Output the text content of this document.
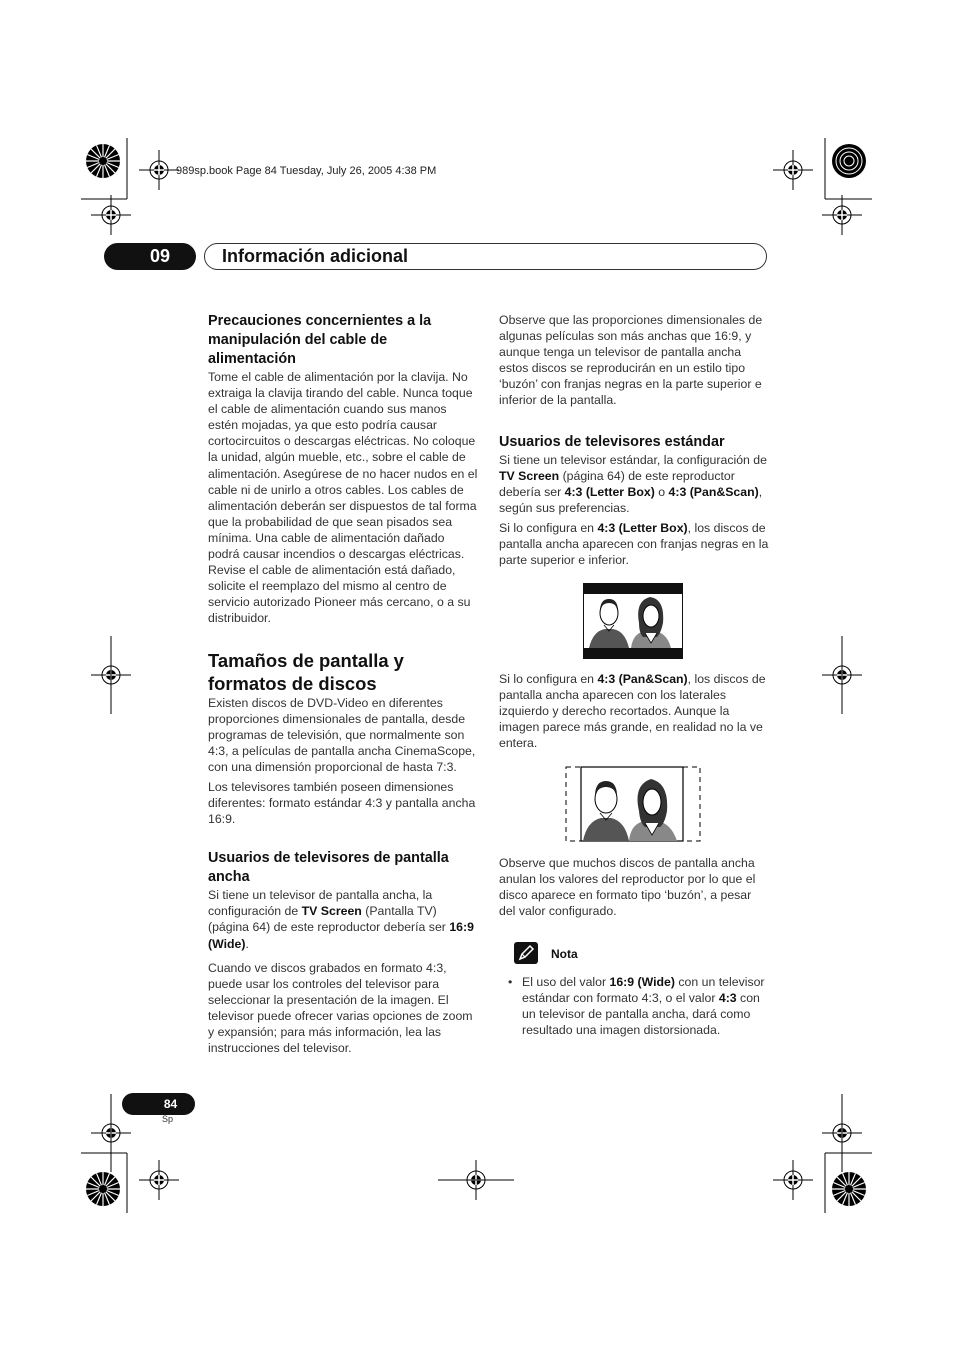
989sp.book Page 84 Tuesday, July 26, 2005 4:38 PM
09	Información adicional

Precauciones concernientes a la manipulación del cable de alimentación

Tome el cable de alimentación por la clavija. No extraiga la clavija tirando del cable. Nunca toque el cable de alimentación cuando sus manos estén mojadas, ya que esto podría causar cortocircuitos o descargas eléctricas. No coloque la unidad, algún mueble, etc., sobre el cable de alimentación. Asegúrese de no hacer nudos en el cable ni de unirlo a otros cables. Los cables de alimentación deberán ser dispuestos de tal forma que la probabilidad de que sean pisados sea mínima. Una cable de alimentación dañado podrá causar incendios o descargas eléctricas. Revise el cable de alimentación está dañado, solicite el reemplazo del mismo al centro de servicio autorizado Pioneer más cercano, o a su distribuidor.

Tamaños de pantalla y formatos de discos

Existen discos de DVD-Video en diferentes proporciones dimensionales de pantalla, desde programas de televisión, que normalmente son 4:3, a películas de pantalla ancha CinemaScope, con una dimensión proporcional de hasta 7:3.

Los televisores también poseen dimensiones diferentes: formato estándar 4:3 y pantalla ancha 16:9.

Usuarios de televisores de pantalla ancha

Si tiene un televisor de pantalla ancha, la configuración de TV Screen (Pantalla TV) (página 64) de este reproductor debería ser 16:9 (Wide).

Cuando ve discos grabados en formato 4:3, puede usar los controles del televisor para seleccionar la presentación de la imagen. El televisor puede ofrecer varias opciones de zoom y expansión; para más información, lea las instrucciones del televisor.

Observe que las proporciones dimensionales de algunas películas son más anchas que 16:9, y aunque tenga un televisor de pantalla ancha estos discos se reproducirán en un estilo tipo ‘buzón’ con franjas negras en la parte superior e inferior de la pantalla.

Usuarios de televisores estándar

Si tiene un televisor estándar, la configuración de TV Screen (página 64) de este reproductor debería ser 4:3 (Letter Box) o 4:3 (Pan&Scan), según sus preferencias.

Si lo configura en 4:3 (Letter Box), los discos de pantalla ancha aparecen con franjas negras en la parte superior e inferior.

Si lo configura en 4:3 (Pan&Scan), los discos de pantalla ancha aparecen con los laterales izquierdo y derecho recortados. Aunque la imagen parece más grande, en realidad no la ve entera.

Observe que muchos discos de pantalla ancha anulan los valores del reproductor por lo que el disco aparece en formato tipo ‘buzón’, a pesar del valor configurado.

Nota
• El uso del valor 16:9 (Wide) con un televisor estándar con formato 4:3, o el valor 4:3 con un televisor de pantalla ancha, dará como resultado una imagen distorsionada.
84
Sp
